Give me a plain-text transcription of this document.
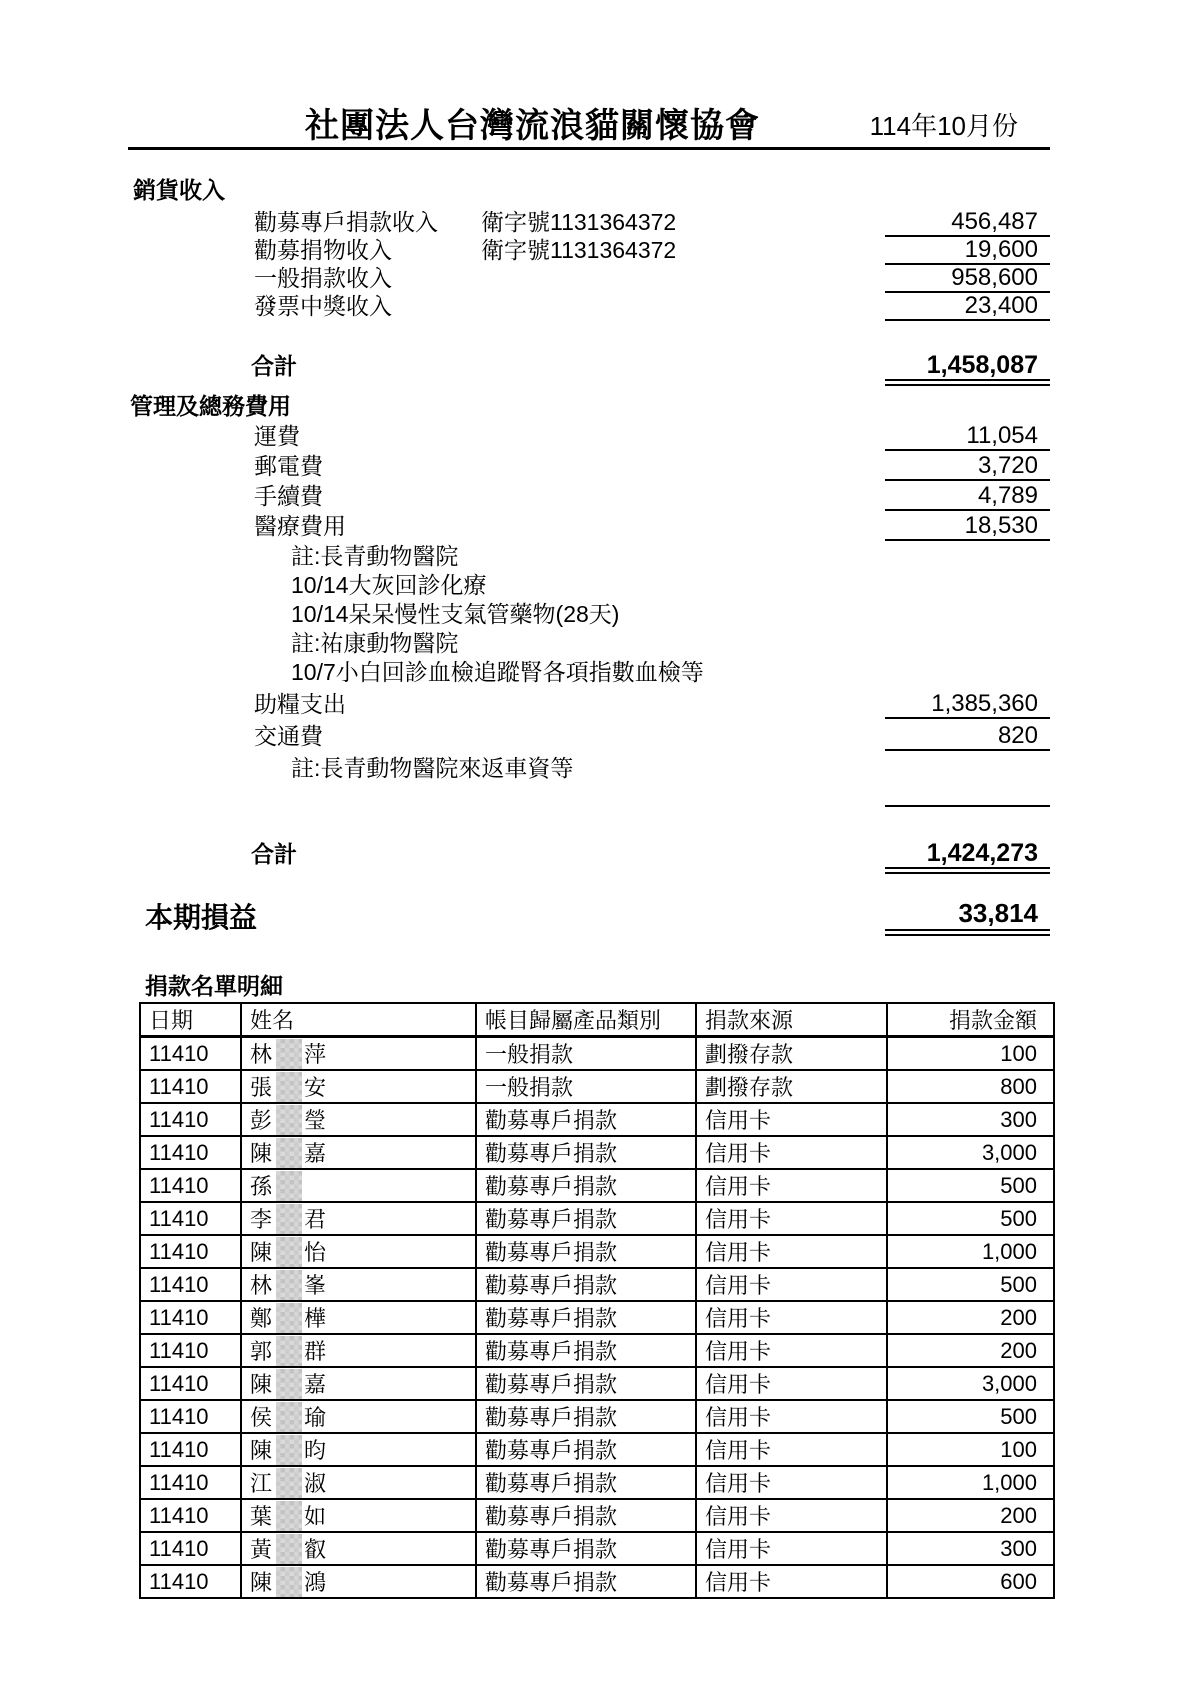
社團法人台灣流浪貓關懷協會	114年10月份
銷貨收入
勸募專戶捐款收入 衛字號1131364372	456,487
勸募捐物收入	衛字號1131364372	19,600
一般捐款收入	958,600
發票中獎收入	23,400
合計	1,458,087
管理及總務費用
運費	11,054
郵電費	3,720
手續費	4,789
醫療費用	18,530
註:長青動物醫院
10/14大灰回診化療
10/14呆呆慢性支氣管藥物(28天)
註:祐康動物醫院
10/7小白回診血檢追蹤腎各項指數血檢等
助糧支出	1,385,360
交通費	820
註:長青動物醫院來返車資等
合計	1,424,273
本期損益	33,814
捐款名單明細
日期	姓名	帳目歸屬產品類別	捐款來源	捐款金額
11410	林 萍	一般捐款	劃撥存款	100
11410	張 安	一般捐款	劃撥存款	800
11410	彭 瑩	勸募專戶捐款	信用卡	300
11410	陳 嘉	勸募專戶捐款	信用卡	3,000
11410	孫	勸募專戶捐款	信用卡	500
11410	李 君	勸募專戶捐款	信用卡	500
11410	陳 怡	勸募專戶捐款	信用卡	1,000
11410	林 峯	勸募專戶捐款	信用卡	500
11410	鄭 樺	勸募專戶捐款	信用卡	200
11410	郭 群	勸募專戶捐款	信用卡	200
11410	陳 嘉	勸募專戶捐款	信用卡	3,000
11410	侯 瑜	勸募專戶捐款	信用卡	500
11410	陳 昀	勸募專戶捐款	信用卡	100
11410	江 淑	勸募專戶捐款	信用卡	1,000
11410	葉 如	勸募專戶捐款	信用卡	200
11410	黃 叡	勸募專戶捐款	信用卡	300
11410	陳 鴻	勸募專戶捐款	信用卡	600
